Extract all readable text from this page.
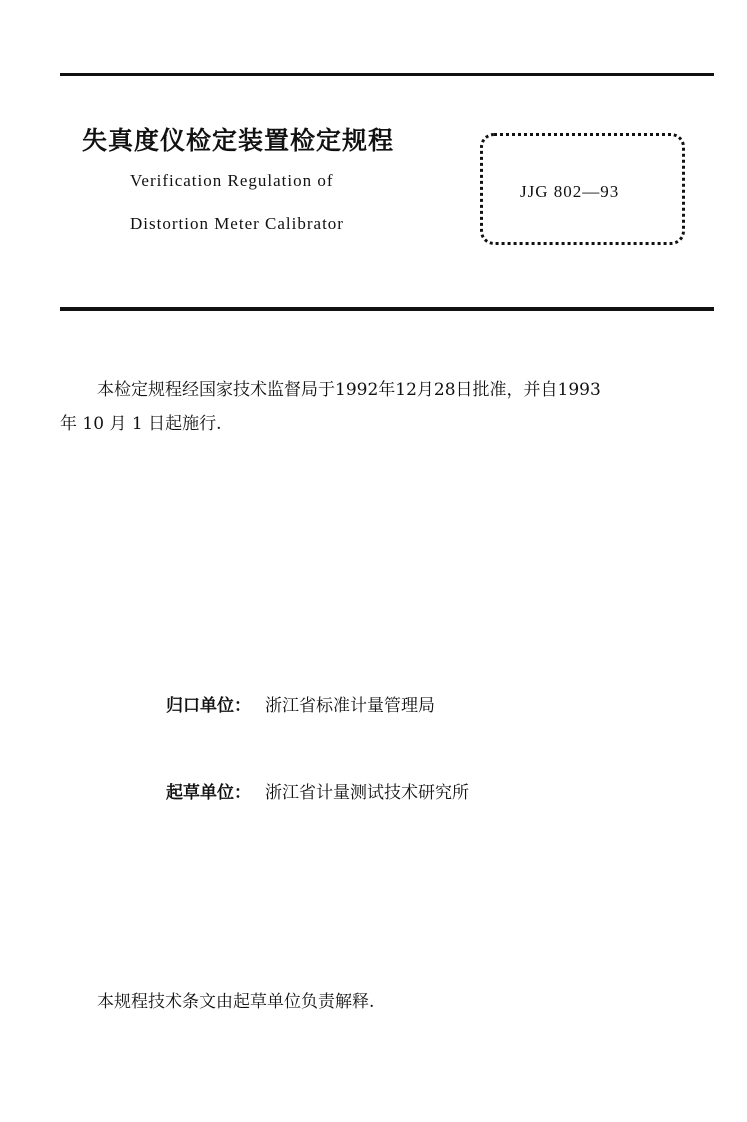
失真度仪检定装置检定规程
Verification Regulation of
Distortion Meter Calibrator
JJG 802—93
本检定规程经国家技术监督局于1992年12月28日批准，并自1993
年 10 月 1 日起施行.
归口单位： 浙江省标准计量管理局
起草单位： 浙江省计量测试技术研究所
本规程技术条文由起草单位负责解释.
